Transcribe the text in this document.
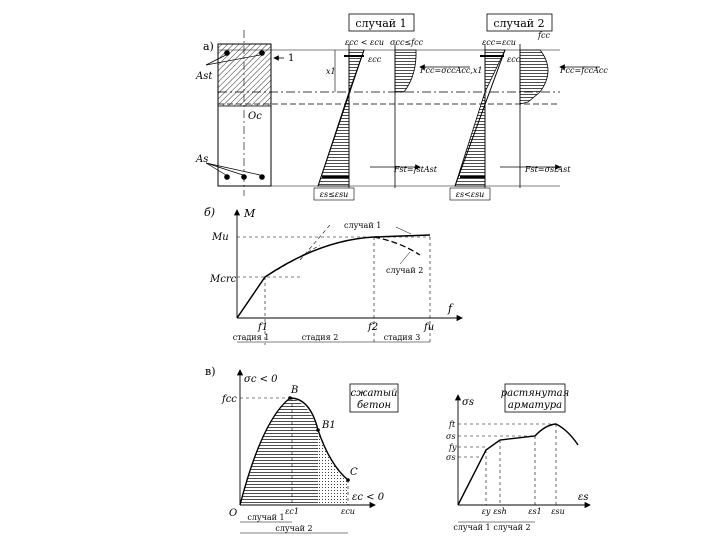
а)
Ast
As
Oc
1
случай 1	случай 2
x1
εcc
εs≤εsu
εcc < εcu σcc≤fcc
Fcc=σccAcc,x1
Fst=fstAst
εcc
εs<εsu
εcc=εcu
fcc
Fcc=fccAcc
Fst=σstAst
б)	M
f
Mu
Mcrc
случай 1
случай 2
f1	f2	fu
стадия 1	стадия 2	стадия 3
в)
σc < 0
εc < 0
O
fcc
B
B1
C
εc1	εcu
случай 1
случай 2
сжатый
бетон
сжатый бетон
растянутая
арматура
растянутая арматура
σs
εs
ft
σs
fy
σs
εy εsh	εs1 εsu
случай 1 случай 2
